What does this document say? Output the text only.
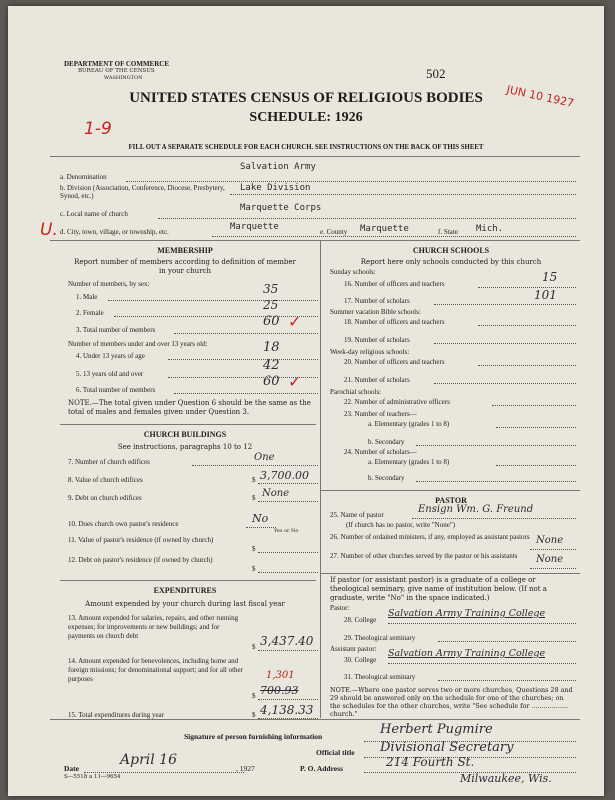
DEPARTMENT OF COMMERCE
BUREAU OF THE CENSUS
WASHINGTON	502
JUN 10 1927
UNITED STATES CENSUS OF RELIGIOUS BODIES
SCHEDULE: 1926
1-9
FILL OUT A SEPARATE SCHEDULE FOR EACH CHURCH. SEE INSTRUCTIONS ON THE BACK OF THIS SHEET
a. Denomination
Salvation Army
b. Division (Association, Conference, Diocese, Presbytery, Synod, etc.)
Lake Division
c. Local name of church
Marquette Corps
U. d. City, town, village, or township, etc.	Marquette	e. County Marquette	f. State Mich.
MEMBERSHIP
Report number of members according to definition of member in your church
Number of members, by sex:
1. Male
35
2. Female
25
3. Total number of members
60 ✓
Number of members under and over 13 years old:
4. Under 13 years of age
18
5. 13 years old and over
42
6. Total number of members
60 ✓
NOTE.—The total given under Question 6 should be the same as the total of males and females given under Question 3.
CHURCH BUILDINGS
See instructions, paragraphs 10 to 12
7. Number of church edifices	One
8. Value of church edifices	$ 3,700.00
9. Debt on church edifices	$ None
10. Does church own pastor's residence	No
Yes or No
11. Value of pastor's residence (if owned by church)
$
12. Debt on pastor's residence (if owned by church)
$
EXPENDITURES
Amount expended by your church during last fiscal year
13. Amount expended for salaries, repairs, and other running expenses; for improvements or new buildings; and for payments on church debt
$ 3,437.40
14. Amount expended for benevolences, including home and foreign missions; for denominational support; and for all other purposes	1,301
$ 700.93
15. Total expenditures during year	$ 4,138.33
CHURCH SCHOOLS
Report here only schools conducted by this church
Sunday schools:
16. Number of officers and teachers	15
17. Number of scholars	101
Summer vacation Bible schools:
18. Number of officers and teachers
19. Number of scholars
Week-day religious schools:
20. Number of officers and teachers
21. Number of scholars
Parochial schools:
22. Number of administrative officers
23. Number of teachers—
a. Elementary (grades 1 to 8)
b. Secondary
24. Number of scholars—
a. Elementary (grades 1 to 8)
b. Secondary
PASTOR
25. Name of pastor	Ensign Wm. G. Freund
(If church has no pastor, write "None")
26. Number of ordained ministers, if any, employed as assistant pastors None
27. Number of other churches served by the pastor or his assistants	None
If pastor (or assistant pastor) is a graduate of a college or theological seminary, give name of institution below. (If not a graduate, write "No" in the space indicated.)
Pastor:
28. College
Salvation Army Training College
29. Theological seminary
Assistant pastor:
30. College
Salvation Army Training College
31. Theological seminary
NOTE.—Where one pastor serves two or more churches, Questions 28 and 29 should be answered only on the schedule for one of the churches; on the schedules for the other churches, write "See schedule for .................. church."
Signature of person furnishing information	Herbert Pugmire
Official title Divisional Secretary
Date
April 16
, 1927	P. O. Address	214 Fourth St.
Milwaukee, Wis.
S—5518 a 11—9654
